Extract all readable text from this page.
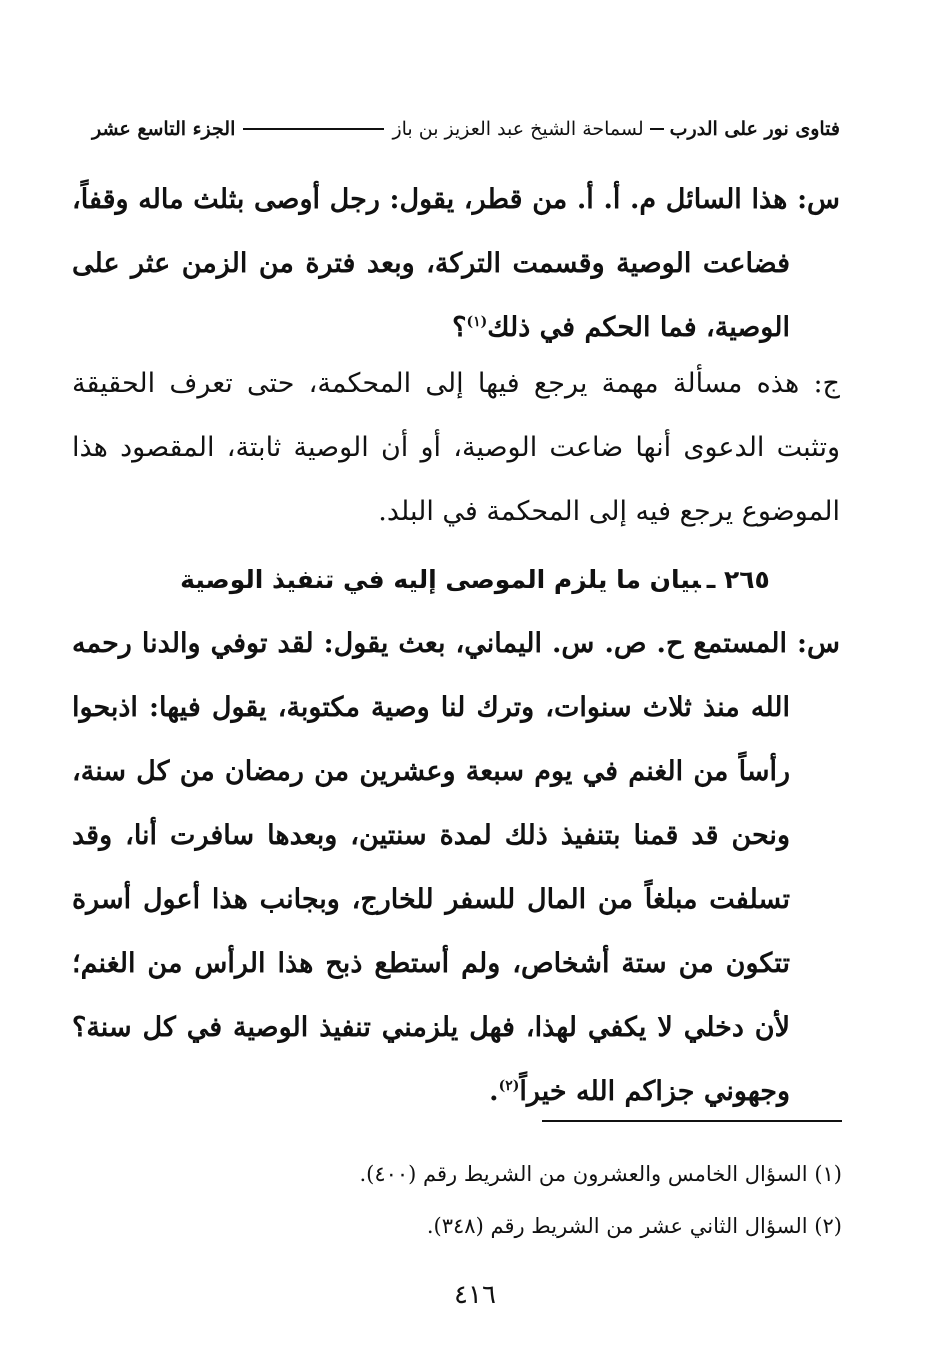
فتاوى نور على الدرب
لسماحة الشيخ عبد العزيز بن باز
الجزء التاسع عشر

س: هذا السائل م. أ. أ. من قطر، يقول: رجل أوصى بثلث ماله وقفاً، فضاعت الوصية وقسمت التركة، وبعد فترة من الزمن عثر على الوصية، فما الحكم في ذلك$^{(١)}$؟

ج: هذه مسألة مهمة يرجع فيها إلى المحكمة، حتى تعرف الحقيقة وتثبت الدعوى أنها ضاعت الوصية، أو أن الوصية ثابتة، المقصود هذا الموضوع يرجع فيه إلى المحكمة في البلد.

٢٦٥ ـبيان ما يلزم الموصى إليه في تنفيذ الوصية

س: المستمع ح. ص. س. اليماني، بعث يقول: لقد توفي والدنا رحمه الله منذ ثلاث سنوات، وترك لنا وصية مكتوبة، يقول فيها: اذبحوا رأساً من الغنم في يوم سبعة وعشرين من رمضان من كل سنة، ونحن قد قمنا بتنفيذ ذلك لمدة سنتين، وبعدها سافرت أنا، وقد تسلفت مبلغاً من المال للسفر للخارج، وبجانب هذا أعول أسرة تتكون من ستة أشخاص، ولم أستطع ذبح هذا الرأس من الغنم؛ لأن دخلي لا يكفي لهذا، فهل يلزمني تنفيذ الوصية في كل سنة؟ وجهوني جزاكم الله خيراً$^{(٢)}$.

(١) السؤال الخامس والعشرون من الشريط رقم (٤٠٠).

(٢) السؤال الثاني عشر من الشريط رقم (٣٤٨).

٤١٦
